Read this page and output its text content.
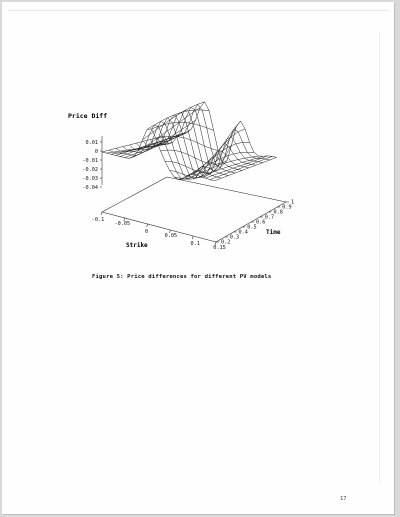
0.01
0
-0.01
-0.02
-0.03
-0.04
-0.1
-0.05
0
0.05
0.1
0.15
0.2
0.3
0.4
0.5
0.6
0.7
0.8
0.9
1
Price Diff
Strike
Time
Figure 5: Price differences for different PV models
17
